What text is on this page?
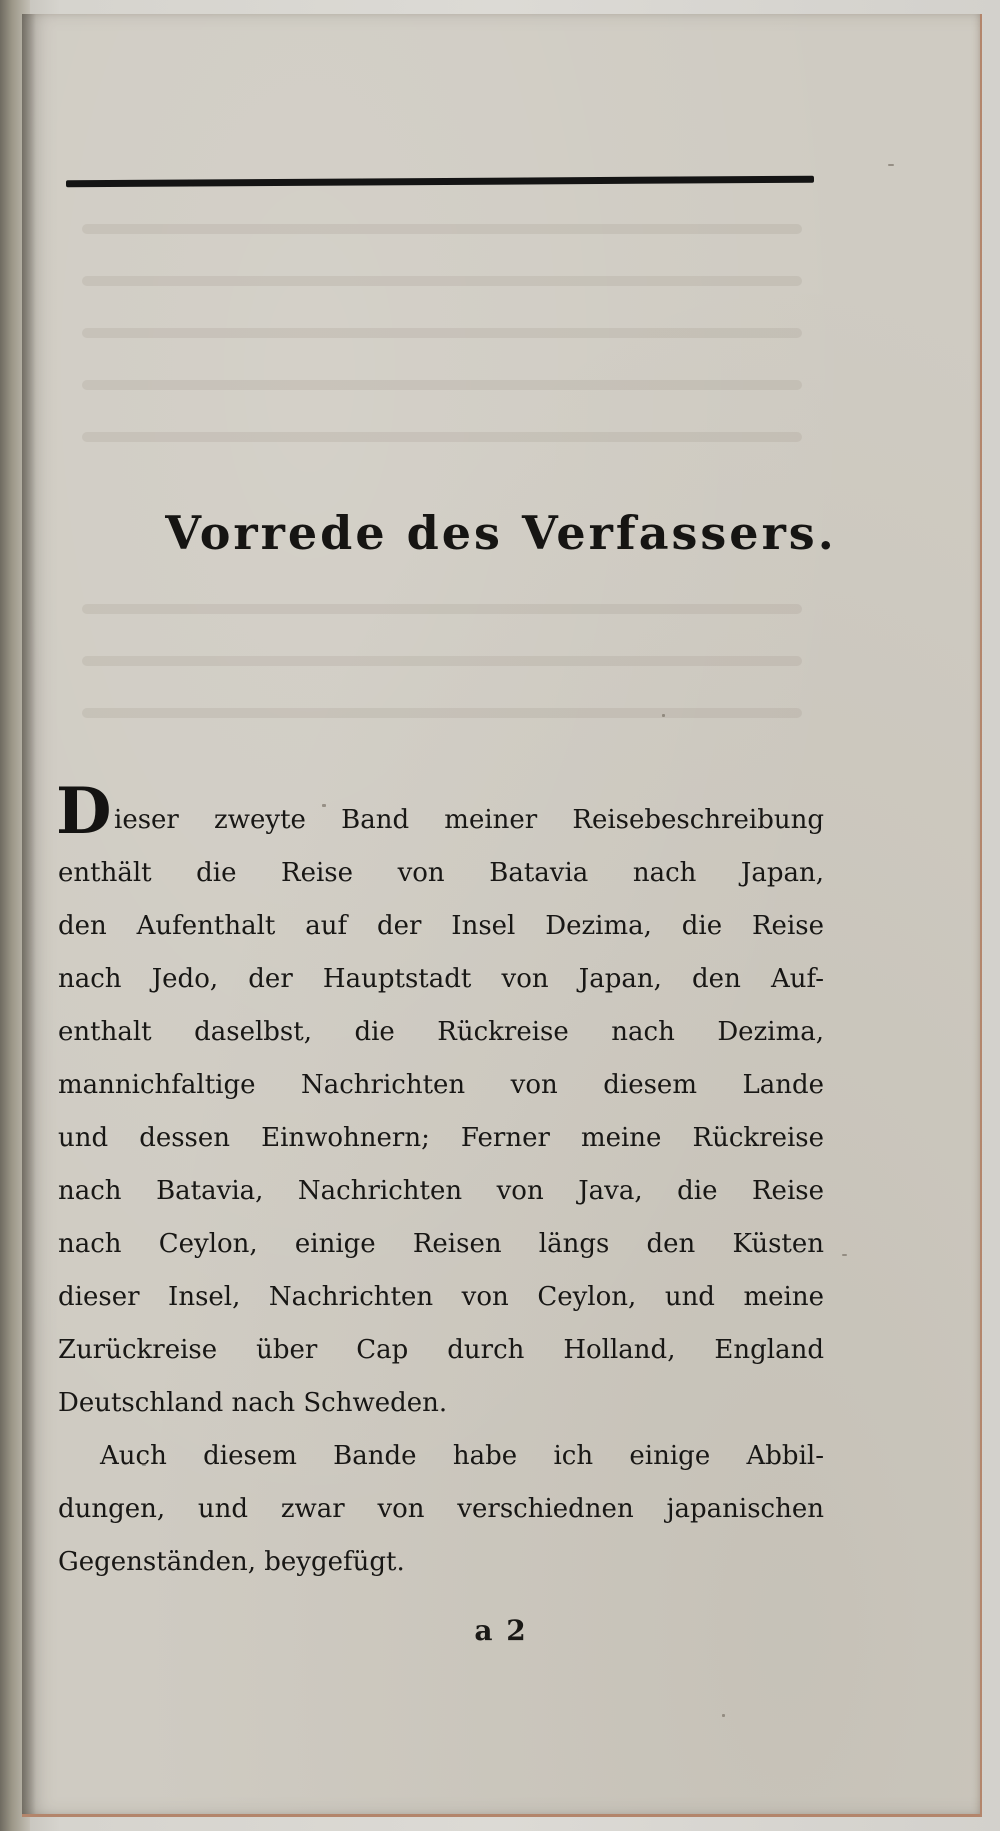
Vorrede des Verfassers.
D ieser zweyte Band meiner Reisebeschreibung
enthält die Reise von Batavia nach Japan,
den Aufenthalt auf der Insel Dezima, die Reise
nach Jedo, der Hauptstadt von Japan, den Auf-
enthalt daselbst, die Rückreise nach Dezima,
mannichfaltige Nachrichten von diesem Lande
und dessen Einwohnern; Ferner meine Rückreise
nach Batavia, Nachrichten von Java, die Reise
nach Ceylon, einige Reisen längs den Küsten
dieser Insel, Nachrichten von Ceylon, und meine
Zurückreise über Cap durch Holland, England
Deutschland nach Schweden.
Auch diesem Bande habe ich einige Abbil-
dungen, und zwar von verschiednen japanischen
Gegenständen, beygefügt.
a 2
